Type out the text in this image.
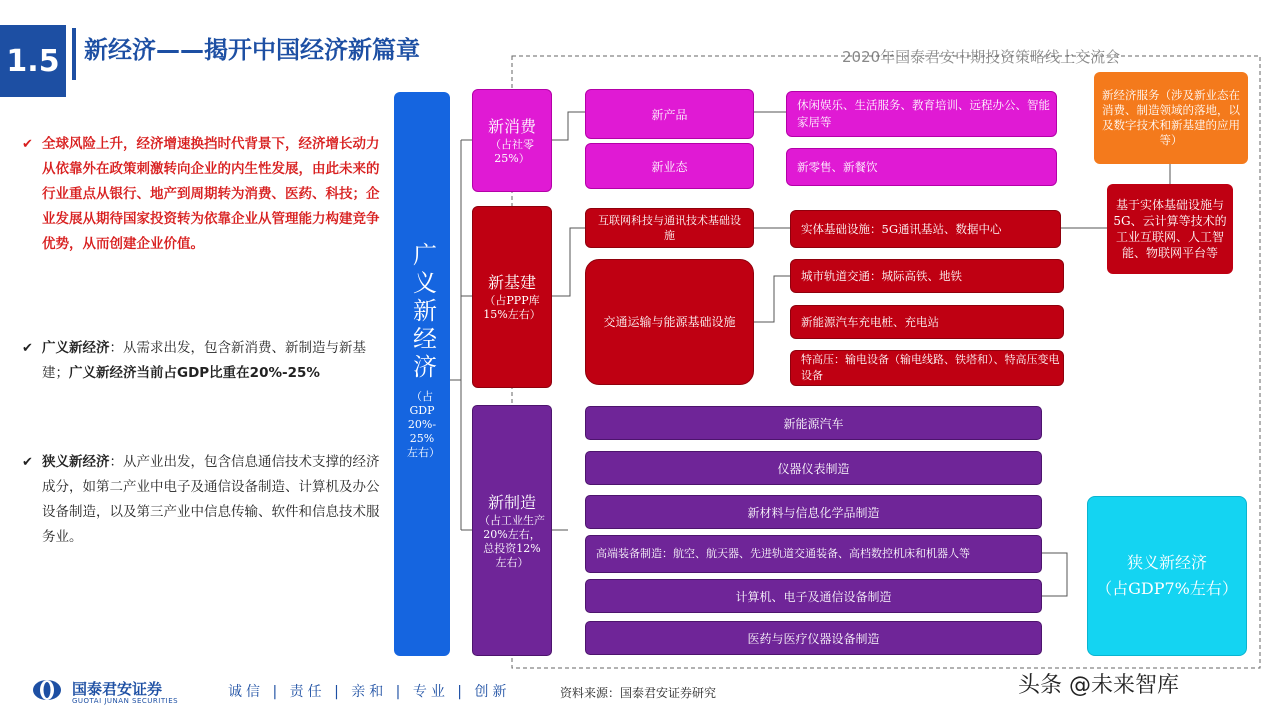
1.5 新经济——揭开中国经济新篇章	2020年国泰君安中期投资策略线上交流会
✔ 全球风险上升，经济增速换挡时代背景下，经济增长动力从依靠外在政策刺激转向企业的内生性发展，由此未来的行业重点从银行、地产到周期转为消费、医药、科技；企业发展从期待国家投资转为依靠企业从管理能力构建竞争优势，从而创建企业价值。
✔ 广义新经济：从需求出发，包含新消费、新制造与新基建；广义新经济当前占GDP比重在20%-25%
✔ 狭义新经济：从产业出发，包含信息通信技术支撑的经济成分，如第二产业中电子及通信设备制造、计算机及办公设备制造，以及第三产业中信息传输、软件和信息技术服务业。
广义新经济
（占GDP20%-25%左右）
新消费
（占社零25%）
新基建
（占PPP库15%左右）
新制造
（占工业生产20%左右，总投资12%左右）
新产品
新业态
休闲娱乐、生活服务、教育培训、远程办公、智能家居等
新零售、新餐饮
互联网科技与通讯技术基础设施
交通运输与能源基础设施
实体基础设施：5G通讯基站、数据中心
城市轨道交通：城际高铁、地铁
新能源汽车充电桩、充电站
特高压：输电设备（输电线路、铁塔和）、特高压变电设备
新能源汽车
仪器仪表制造
新材料与信息化学品制造
高端装备制造：航空、航天器、先进轨道交通装备、高档数控机床和机器人等
计算机、电子及通信设备制造
医药与医疗仪器设备制造
新经济服务（涉及新业态在消费、制造领域的落地，以及数字技术和新基建的应用等）
基于实体基础设施与5G、云计算等技术的工业互联网、人工智能、物联网平台等
狭义新经济
（占GDP7%左右）
国泰君安证券
GUOTAI JUNAN SECURITIES
诚信 | 责任 | 亲和 | 专业 | 创新	资料来源：国泰君安证券研究	头条 @未来智库
